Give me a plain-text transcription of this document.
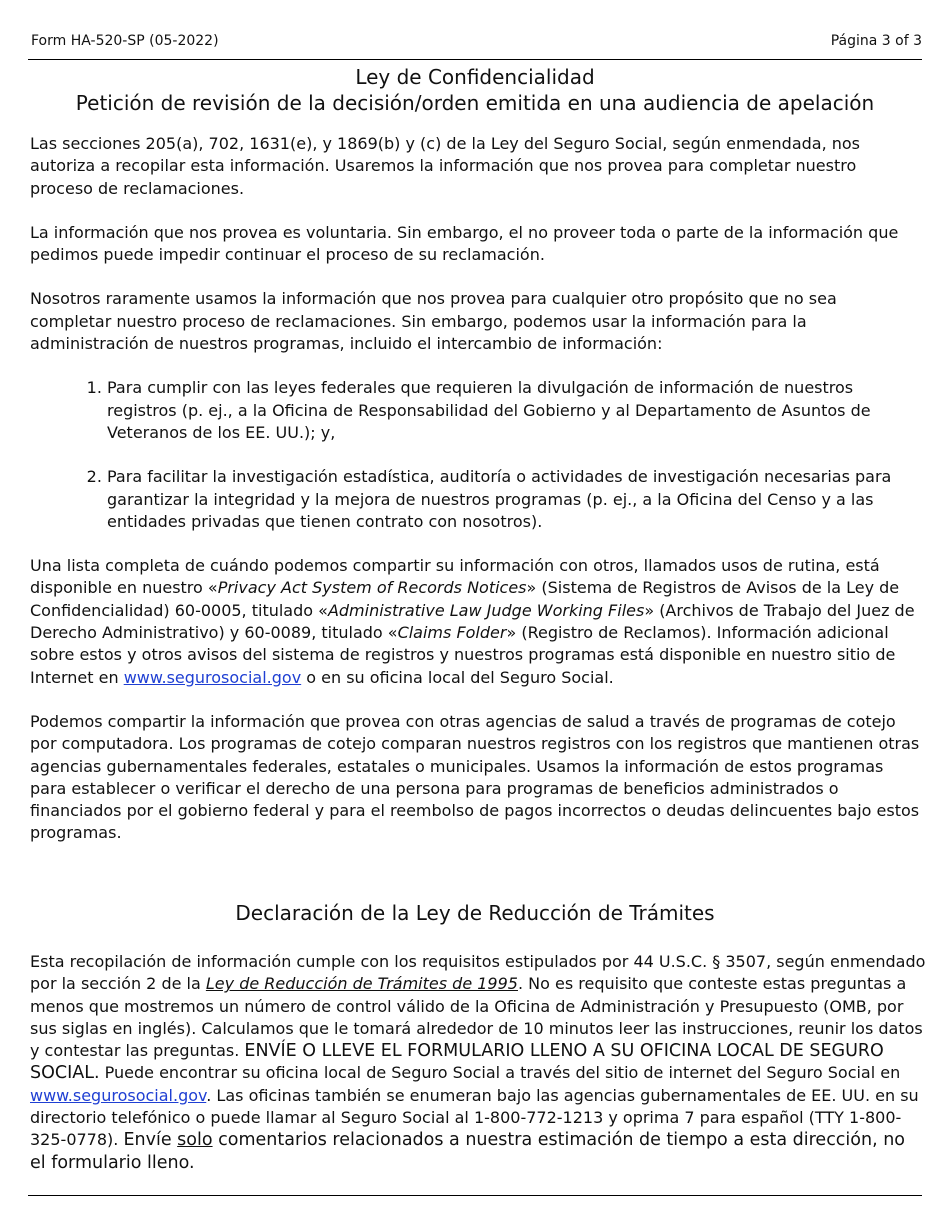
Form HA-520-SP (05-2022)	Página 3 of 3
Ley de Confidencialidad
Petición de revisión de la decisión/orden emitida en una audiencia de apelación

Las secciones 205(a), 702, 1631(e), y 1869(b) y (c) de la Ley del Seguro Social, según enmendada, nos autoriza a recopilar esta información. Usaremos la información que nos provea para completar nuestro proceso de reclamaciones.

La información que nos provea es voluntaria. Sin embargo, el no proveer toda o parte de la información que pedimos puede impedir continuar el proceso de su reclamación.

Nosotros raramente usamos la información que nos provea para cualquier otro propósito que no sea completar nuestro proceso de reclamaciones. Sin embargo, podemos usar la información para la administración de nuestros programas, incluido el intercambio de información:

1. Para cumplir con las leyes federales que requieren la divulgación de información de nuestros registros (p. ej., a la Oficina de Responsabilidad del Gobierno y al Departamento de Asuntos de Veteranos de los EE. UU.); y,
2. Para facilitar la investigación estadística, auditoría o actividades de investigación necesarias para garantizar la integridad y la mejora de nuestros programas (p. ej., a la Oficina del Censo y a las entidades privadas que tienen contrato con nosotros).

Una lista completa de cuándo podemos compartir su información con otros, llamados usos de rutina, está disponible en nuestro «Privacy Act System of Records Notices» (Sistema de Registros de Avisos de la Ley de Confidencialidad) 60-0005, titulado «Administrative Law Judge Working Files» (Archivos de Trabajo del Juez de Derecho Administrativo) y 60-0089, titulado «Claims Folder» (Registro de Reclamos). Información adicional sobre estos y otros avisos del sistema de registros y nuestros programas está disponible en nuestro sitio de Internet en www.segurosocial.gov o en su oficina local del Seguro Social.

Podemos compartir la información que provea con otras agencias de salud a través de programas de cotejo por computadora. Los programas de cotejo comparan nuestros registros con los registros que mantienen otras agencias gubernamentales federales, estatales o municipales. Usamos la información de estos programas para establecer o verificar el derecho de una persona para programas de beneficios administrados o financiados por el gobierno federal y para el reembolso de pagos incorrectos o deudas delincuentes bajo estos programas.

Declaración de la Ley de Reducción de Trámites
Esta recopilación de información cumple con los requisitos estipulados por 44 U.S.C. § 3507, según enmendado por la sección 2 de la Ley de Reducción de Trámites de 1995. No es requisito que conteste estas preguntas a menos que mostremos un número de control válido de la Oficina de Administración y Presupuesto (OMB, por sus siglas en inglés). Calculamos que le tomará alrededor de 10 minutos leer las instrucciones, reunir los datos y contestar las preguntas. ENVÍE O LLEVE EL FORMULARIO LLENO A SU OFICINA LOCAL DE SEGURO SOCIAL. Puede encontrar su oficina local de Seguro Social a través del sitio de internet del Seguro Social en www.segurosocial.gov. Las oficinas también se enumeran bajo las agencias gubernamentales de EE. UU. en su directorio telefónico o puede llamar al Seguro Social al 1-800-772-1213 y oprima 7 para español (TTY 1-800-325-0778). Envíe solo comentarios relacionados a nuestra estimación de tiempo a esta dirección, no el formulario lleno.
